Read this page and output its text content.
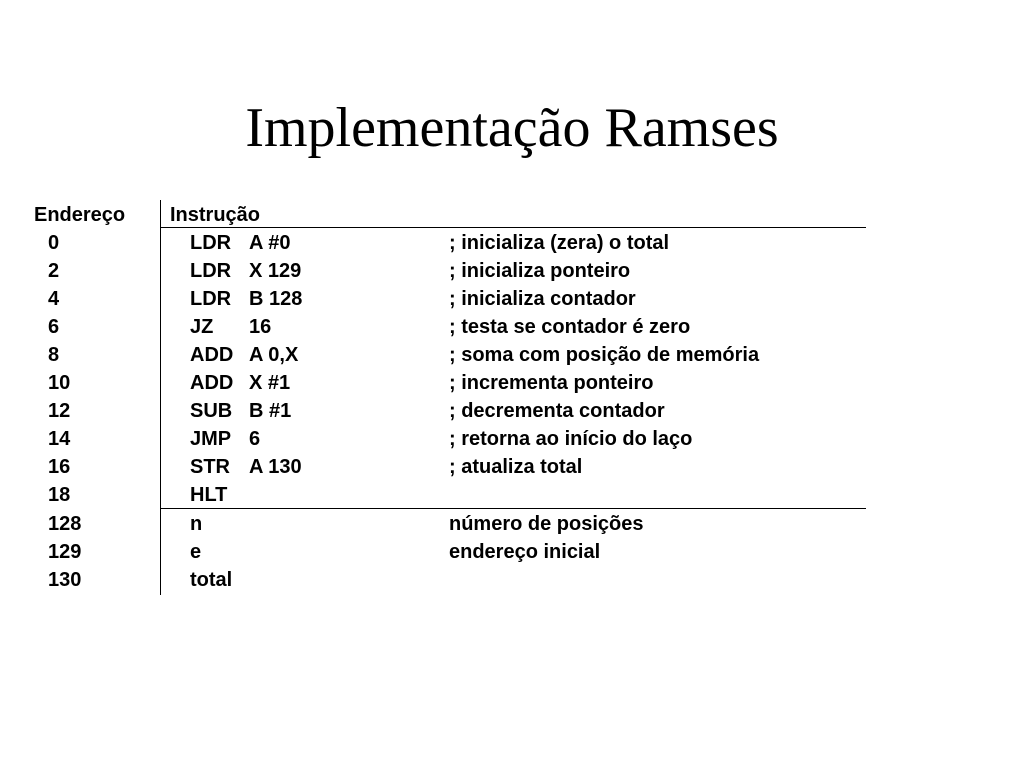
Implementação Ramses
Endereço Instrução
0	LDR A #0	; inicializa (zera) o total
2	LDR X 129	; inicializa ponteiro
4	LDR B 128	; inicializa contador
6	JZ 16	; testa se contador é zero
8	ADD A 0,X	; soma com posição de memória
10	ADD X #1	; incrementa ponteiro
12	SUB B #1	; decrementa contador
14	JMP 6	; retorna ao início do laço
16	STR A 130	; atualiza total
18	HLT
128	n	número de posições
129	e	endereço inicial
130	total
